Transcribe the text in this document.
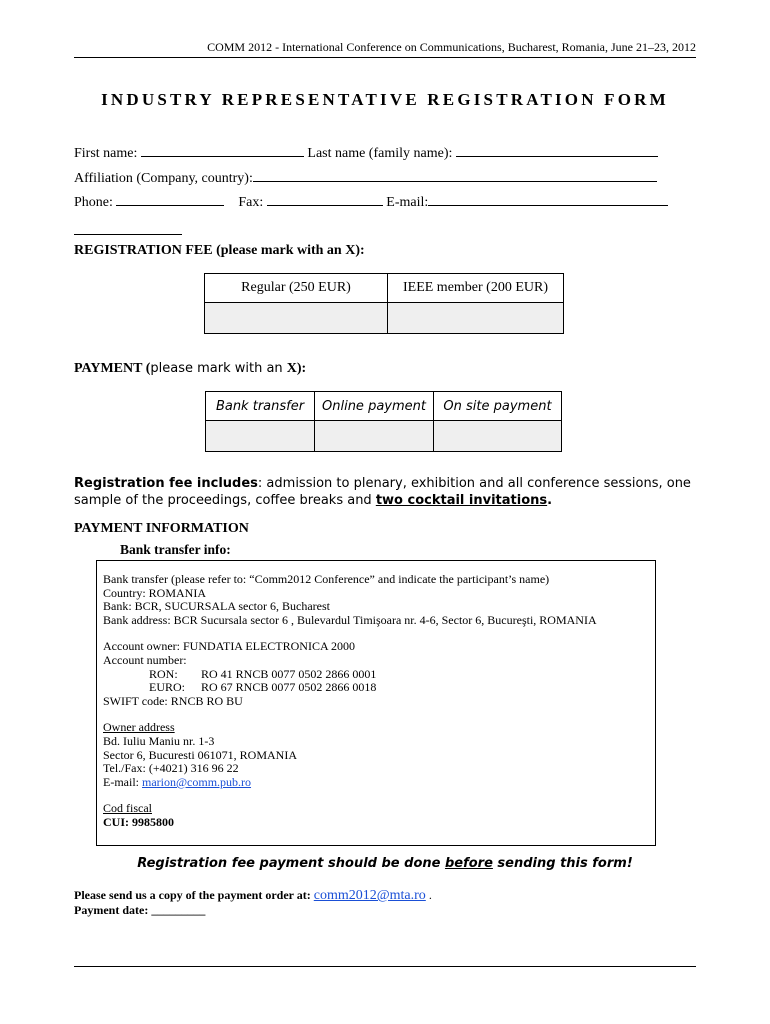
COMM 2012 - International Conference on Communications, Bucharest, Romania, June 21–23, 2012
INDUSTRY REPRESENTATIVE REGISTRATION FORM
First name:	Last name (family name):
Affiliation (Company, country):
Phone:	Fax:	E-mail:
REGISTRATION FEE (please mark with an X):
Regular (250 EUR)	IEEE member (200 EUR)

PAYMENT (please mark with an X):
Bank transfer	Online payment	On site payment

Registration fee includes: admission to plenary, exhibition and all conference sessions, one sample of the proceedings, coffee breaks and two cocktail invitations.
PAYMENT INFORMATION
Bank transfer info:
Bank transfer (please refer to: “Comm2012 Conference” and indicate the participant’s name)
Country: ROMANIA
Bank: BCR, SUCURSALA sector 6, Bucharest
Bank address: BCR Sucursala sector 6 , Bulevardul Timişoara nr. 4-6, Sector 6, Bucureşti, ROMANIA
Account owner: FUNDATIA ELECTRONICA 2000
Account number:
RON: RO 41 RNCB 0077 0502 2866 0001
EURO: RO 67 RNCB 0077 0502 2866 0018
SWIFT code: RNCB RO BU
Owner address
Bd. Iuliu Maniu nr. 1-3
Sector 6, Bucuresti 061071, ROMANIA
Tel./Fax: (+4021) 316 96 22
E-mail: marion@comm.pub.ro
Cod fiscal
CUI: 9985800
Registration fee payment should be done before sending this form!
Please send us a copy of the payment order at: comm2012@mta.ro .
Payment date: _________
